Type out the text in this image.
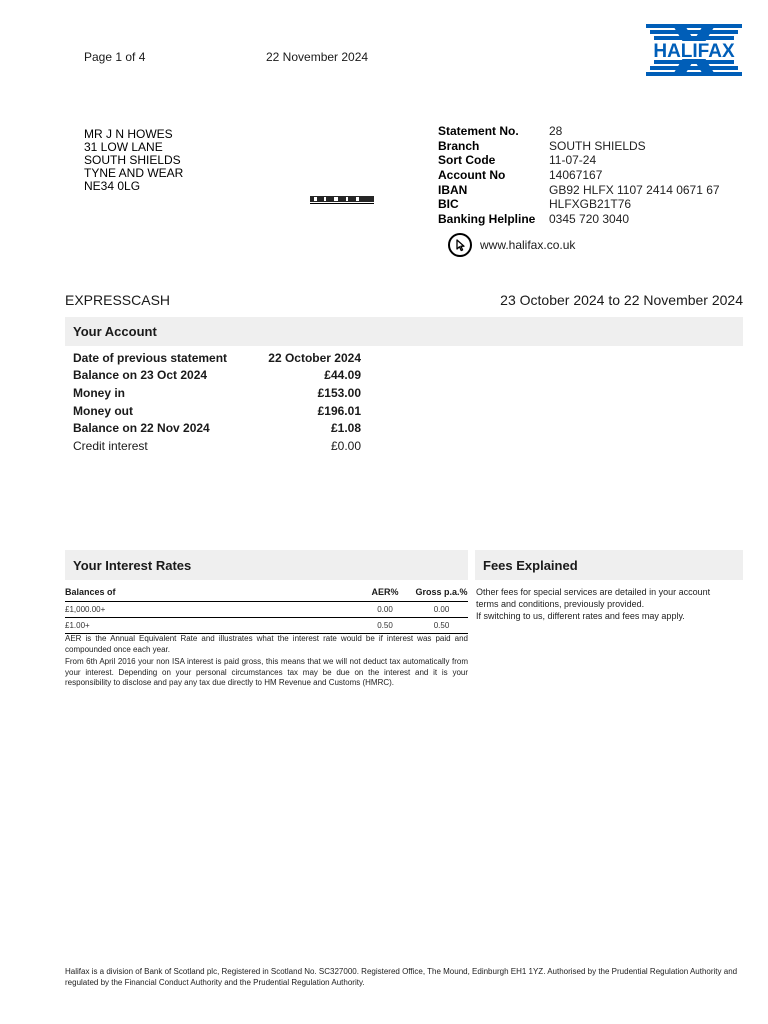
Page 1 of 4	22 November 2024	HALIFAX
MR J N HOWES
31 LOW LANE
SOUTH SHIELDS
TYNE AND WEAR
NE34 0LG
Statement No.	28
Branch	SOUTH SHIELDS
Sort Code	11-07-24
Account No	14067167
IBAN	GB92 HLFX 1107 2414 0671 67
BIC	HLFXGB21T76
Banking Helpline	0345 720 3040
www.halifax.co.uk
EXPRESSCASH	23 October 2024 to 22 November 2024
Your Account
Date of previous statement	22 October 2024
Balance on 23 Oct 2024	£44.09
Money in	£153.00
Money out	£196.01
Balance on 22 Nov 2024	£1.08
Credit interest	£0.00
Your Interest Rates	Fees Explained
Balances of	AER%	Gross p.a.%
£1,000.00+	0.00	0.00
£1.00+	0.50	0.50

AER is the Annual Equivalent Rate and illustrates what the interest rate would be if interest was paid and compounded once each year.

From 6th April 2016 your non ISA interest is paid gross, this means that we will not deduct tax automatically from your interest. Depending on your personal circumstances tax may be due on the interest and it is your responsibility to disclose and pay any tax due directly to HM Revenue and Customs (HMRC).

Other fees for special services are detailed in your account
terms and conditions, previously provided.
If switching to us, different rates and fees may apply.
Halifax is a division of Bank of Scotland plc, Registered in Scotland No. SC327000. Registered Office, The Mound, Edinburgh EH1 1YZ. Authorised by the Prudential Regulation Authority and regulated by the Financial Conduct Authority and the Prudential Regulation Authority.
